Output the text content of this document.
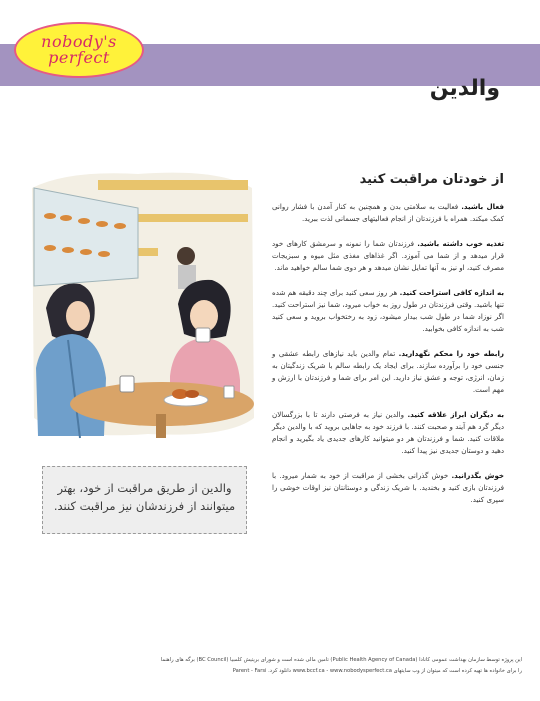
nobody's
perfect
والدین
والدین از طریق مراقبت از خود، بهتر میتوانند از فرزندشان نیز مراقبت کنند.
از خودتان مراقبت کنید

فعال باشید. فعالیت به سلامتی بدن و همچنین به کنار آمدن با فشار روانی کمک میکند. همراه با فرزندتان از انجام فعالیتهای جسمانی لذت ببرید.

تغذیه خوب داشته باشید. فرزندتان شما را نمونه و سرمشق کارهای خود قرار میدهد و از شما می آموزد. اگر غذاهای مغذی مثل میوه و سبزیجات مصرف کنید، او نیز به آنها تمایل نشان میدهد و هر دوی شما سالم خواهید ماند.

به اندازه کافی استراحت کنید. هر روز سعی کنید برای چند دقیقه هم شده تنها باشید. وقتی فرزندتان در طول روز به خواب میرود، شما نیز استراحت کنید. اگر نوزاد شما در طول شب بیدار میشود، زود به رختخواب بروید و سعی کنید شب به اندازه کافی بخوابید.

رابطه خود را محکم نگهدارید. تمام والدین باید نیازهای رابطه عشقی و جنسی خود را برآورده سازند. برای ایجاد یک رابطه سالم با شریک زندگیتان به زمان، انرژی، توجه و عشق نیاز دارید. این امر برای شما و فرزندتان با ارزش و مهم است.

به دیگران ابراز علاقه کنید. والدین نیاز به فرصتی دارند تا با بزرگسالان دیگر گرد هم آیند و صحبت کنند. با فرزند خود به جاهایی بروید که با والدین دیگر ملاقات کنید. شما و فرزندتان هر دو میتوانید کارهای جدیدی یاد بگیرید و انجام دهید و دوستان جدیدی نیز پیدا کنید.

خوش بگذرانید. خوش گذرانی بخشی از مراقبت از خود به شمار میرود. با فرزندتان بازی کنید و بخندید. با شریک زندگی و دوستانتان نیز اوقات خوشی را سپری کنید.

این پروژه توسط سازمان بهداشت عمومی کانادا (Public Health Agency of Canada) تامین مالی شده است و شورای بریتیش کلمبیا (BC Council) برگه های راهنما
را برای خانواده ها تهیه کرده است که میتوان از وب سایتهای www.bccf.ca - www.nobodysperfect.ca دانلود کرد. Parent - Farsi
